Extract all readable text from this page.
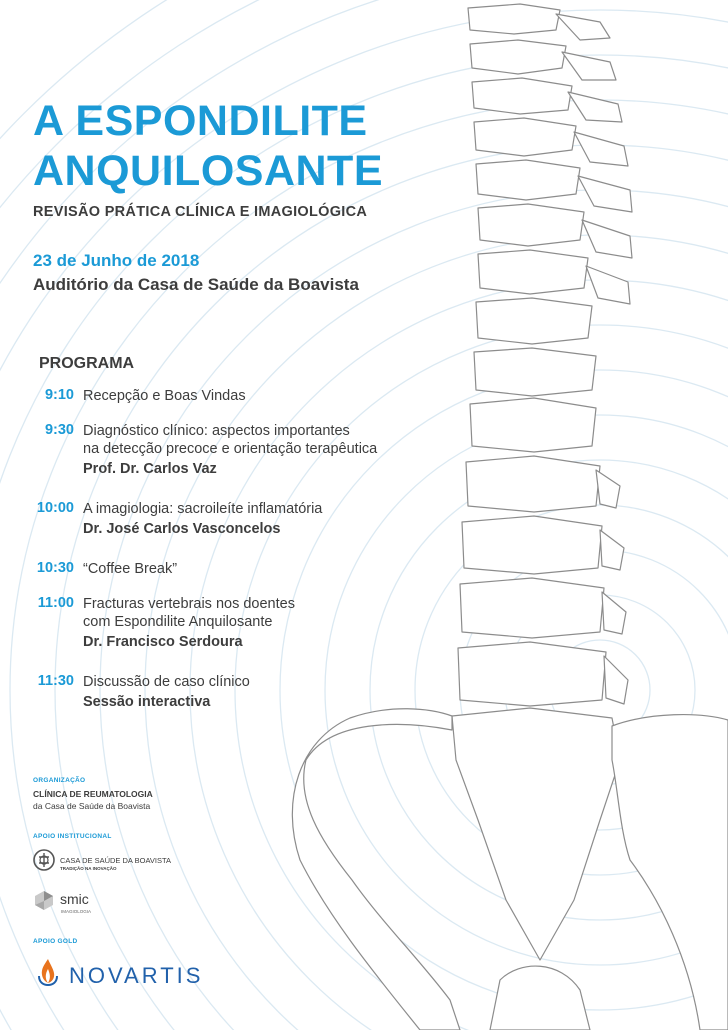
A ESPONDILITE
ANQUILOSANTE
REVISÃO PRÁTICA CLÍNICA E IMAGIOLÓGICA
23 de Junho de 2018
Auditório da Casa de Saúde da Boavista
PROGRAMA
9:10 Recepção e Boas Vindas
9:30 Diagnóstico clínico: aspectos importantes
na detecção precoce e orientação terapêutica
Prof. Dr. Carlos Vaz
10:00 A imagiologia: sacroileíte inflamatória
Dr. José Carlos Vasconcelos
10:30 “Coffee Break”
11:00 Fracturas vertebrais nos doentes
com Espondilite Anquilosante
Dr. Francisco Serdoura
11:30 Discussão de caso clínico
Sessão interactiva
ORGANIZAÇÃO
CLÍNICA DE REUMATOLOGIA
da Casa de Saúde da Boavista
APOIO INSTITUCIONAL
CASA DE SAÚDE DA BOAVISTA
TRADIÇÃO NA INOVAÇÃO
smic
IMAGIOLOGIA
APOIO GOLD
NOVARTIS
